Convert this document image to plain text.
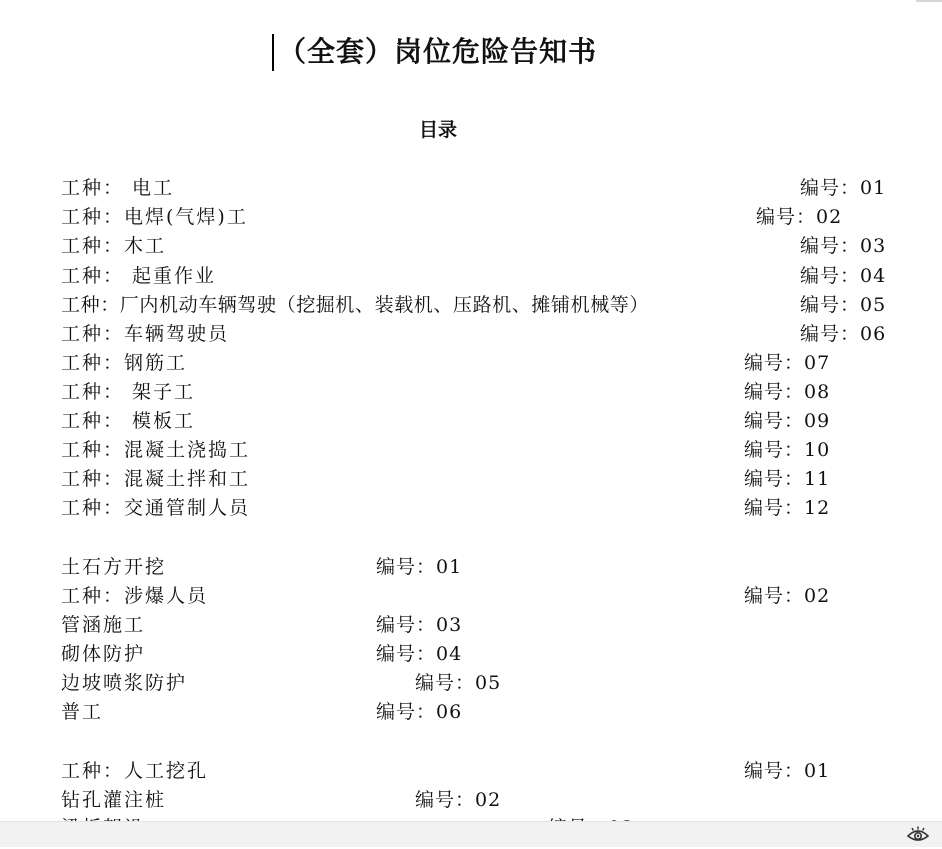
（全套）岗位危险告知书
目录
工种： 电工	编号：01
工种：电焊(气焊)工	编号：02
工种：木工	编号：03
工种： 起重作业	编号：04
工种：厂内机动车辆驾驶（挖掘机、装载机、压路机、摊铺机械等）	编号：05
工种：车辆驾驶员	编号：06
工种：钢筋工	编号：07
工种： 架子工	编号：08
工种： 模板工	编号：09
工种：混凝土浇捣工	编号：10
工种：混凝土拌和工	编号：11
工种：交通管制人员	编号：12
土石方开挖	编号：01
工种：涉爆人员	编号：02
管涵施工	编号：03
砌体防护	编号：04
边坡喷浆防护	编号：05
普工	编号：06
工种：人工挖孔	编号：01
钻孔灌注桩	编号：02
